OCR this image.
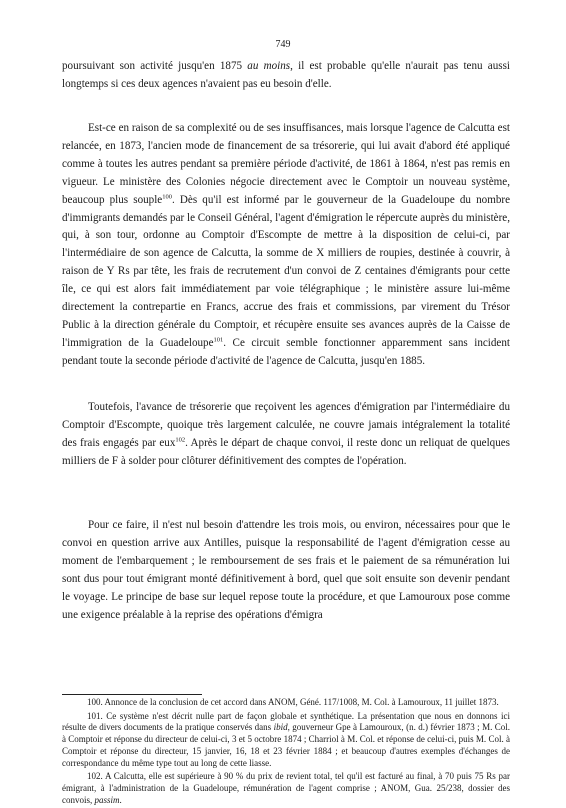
749

poursuivant son activité jusqu'en 1875 au moins, il est probable qu'elle n'aurait pas tenu aussi longtemps si ces deux agences n'avaient pas eu besoin d'elle.

Est-ce en raison de sa complexité ou de ses insuffisances, mais lorsque l'agence de Calcutta est relancée, en 1873, l'ancien mode de financement de sa trésorerie, qui lui avait d'abord été appliqué comme à toutes les autres pendant sa première période d'activité, de 1861 à 1864, n'est pas remis en vigueur. Le ministère des Colonies négocie directement avec le Comptoir un nouveau système, beaucoup plus souple$^{100}$. Dès qu'il est informé par le gouverneur de la Guadeloupe du nombre d'immigrants demandés par le Conseil Général, l'agent d'émigration le répercute auprès du ministère, qui, à son tour, ordonne au Comptoir d'Escompte de mettre à la disposition de celui-ci, par l'intermédiaire de son agence de Calcutta, la somme de X milliers de roupies, destinée à couvrir, à raison de Y Rs par tête, les frais de recrutement d'un convoi de Z centaines d'émigrants pour cette île, ce qui est alors fait immédiatement par voie télégraphique ; le ministère assure lui-même directement la contrepartie en Francs, accrue des frais et commissions, par virement du Trésor Public à la direction générale du Comptoir, et récupère ensuite ses avances auprès de la Caisse de l'immigration de la Guadeloupe$^{101}$. Ce circuit semble fonctionner apparemment sans incident pendant toute la seconde période d'activité de l'agence de Calcutta, jusqu'en 1885.

Toutefois, l'avance de trésorerie que reçoivent les agences d'émigration par l'intermédiaire du Comptoir d'Escompte, quoique très largement calculée, ne couvre jamais intégralement la totalité des frais engagés par eux$^{102}$. Après le départ de chaque convoi, il reste donc un reliquat de quelques milliers de F à solder pour clôturer définitivement des comptes de l'opération.

Pour ce faire, il n'est nul besoin d'attendre les trois mois, ou environ, nécessaires pour que le convoi en question arrive aux Antilles, puisque la responsabilité de l'agent d'émigration cesse au moment de l'embarquement ; le remboursement de ses frais et le paiement de sa rémunération lui sont dus pour tout émigrant monté définitivement à bord, quel que soit ensuite son devenir pendant le voyage. Le principe de base sur lequel repose toute la procédure, et que Lamouroux pose comme une exigence préalable à la reprise des opérations d'émigra

100. Annonce de la conclusion de cet accord dans ANOM, Géné. 117/1008, M. Col. à Lamouroux, 11 juillet 1873.

101. Ce système n'est décrit nulle part de façon globale et synthétique. La présentation que nous en donnons ici résulte de divers documents de la pratique conservés dans ibid, gouverneur Gpe à Lamouroux, (n. d.) février 1873 ; M. Col. à Comptoir et réponse du directeur de celui-ci, 3 et 5 octobre 1874 ; Charriol à M. Col. et réponse de celui-ci, puis M. Col. à Comptoir et réponse du directeur, 15 janvier, 16, 18 et 23 février 1884 ; et beaucoup d'autres exemples d'échanges de correspondance du même type tout au long de cette liasse.

102. A Calcutta, elle est supérieure à 90 % du prix de revient total, tel qu'il est facturé au final, à 70 puis 75 Rs par émigrant, à l'administration de la Guadeloupe, rémunération de l'agent comprise ; ANOM, Gua. 25/238, dossier des convois, passim.
